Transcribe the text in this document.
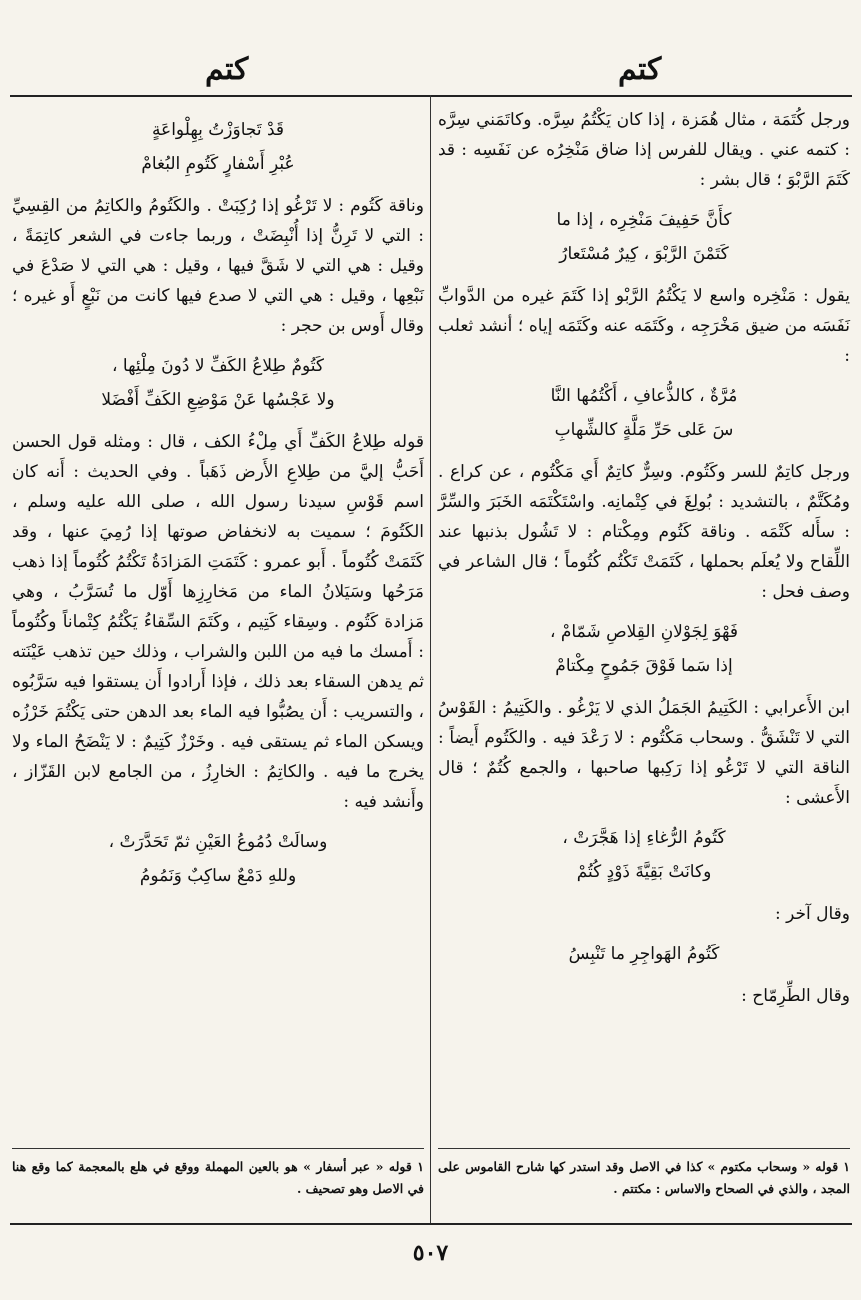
كتم
كتم

ورجل كُتَمَة ، مثال هُمَزة ، إذا كان يَكْتُمُ سِرَّه. وكاتَمَني سِرَّه : كتمه عني . ويقال للفرس إذا ضاق مَنْخِرُه عن نَفَسِه : قد كَتَمَ الرَّبْوَ ؛ قال بشر :

كأَنَّ حَفِيفَ مَنْخِرِه ، إذا ما
كَتَمْنَ الرَّبْوَ ، كِيرٌ مُسْتَعارُ

يقول : مَنْخِره واسع لا يَكْتُمُ الرَّبْو إذا كَتَمَ غيره من الدَّوابِّ نَفَسَه من ضيق مَخْرَجِه ، وكَتَمَه عنه وكَتَمَه إياه ؛ أنشد ثعلب :

مُرَّةٌ ، كالذُّعافِ ، أَكْتُمُها النَّا
سَ عَلى حَرِّ مَلَّةٍ كالشِّهابِ

ورجل كاتِمٌ للسر وكَتُوم. وسِرٌّ كاتِمٌ أَي مَكْتُوم ، عن كراع . ومُكَتَّمٌ ، بالتشديد : بُولِغَ في كِتْمانِه. واسْتَكْتَمَه الخَبَرَ والسِّرَّ : سأَله كَتْمَه . وناقة كَتُوم ومِكْتام : لا تَشُول بذنبها عند اللِّقاح ولا يُعلَم بحملها ، كَتَمَتْ تَكْتُم كُتُوماً ؛ قال الشاعر في وصف فحل :

فَهْوَ لِجَوْلانِ القِلاصِ شَمّامْ ،
إذا سَما فَوْقَ جَمُوحٍ مِكْتامْ

ابن الأَعرابي : الكَتِيمُ الجَمَلُ الذي لا يَرْغُو . والكَتِيمُ : القَوْسُ التي لا تَنْشَقُّ . وسحاب مَكْتُوم : لا رَعْدَ فيه . والكَتُوم أَيضاً : الناقة التي لا تَرْغُو إذا رَكِبها صاحبها ، والجمع كُتُمٌ ؛ قال الأَعشى :

كَتُومُ الرُّغاءِ إذا هَجَّرَتْ ،
وكانَتْ بَقِيَّةَ ذَوْدٍ كُتُمْ

وقال آخر :

كَتُومُ الهَواجِرِ ما تَنْبِسُ

وقال الطِّرِمّاح :

قَدْ تَجاوَزْتُ بِهِلْواعَةٍ
عُبْرِ أَسْفارٍ كَتُومِ البُغامْ

وناقة كَتُوم : لا تَرْغُو إذا رُكِبَتْ . والكَتُومُ والكاتِمُ من القِسِيِّ : التي لا تَرِنُّ إذا أُنْبِضَتْ ، وربما جاءت في الشعر كاتِمَةً ، وقيل : هي التي لا شَقَّ فيها ، وقيل : هي التي لا صَدْعَ في نَبْعِها ، وقيل : هي التي لا صدع فيها كانت من نَبْعٍ أَو غيره ؛ وقال أَوس بن حجر :

كَتُومٌ طِلاعُ الكَفِّ لا دُونَ مِلْئِها ،
ولا عَجْسُها عَنْ مَوْضِعِ الكَفِّ أَفْضَلا

قوله طِلاعُ الكَفِّ أَي مِلْءُ الكف ، قال : ومثله قول الحسن أَحَبُّ إليَّ من طِلاعِ الأَرض ذَهَباً . وفي الحديث : أَنه كان اسم قَوْسِ سيدنا رسول الله ، صلى الله عليه وسلم ، الكَتُومَ ؛ سميت به لانخفاض صوتها إذا رُمِيَ عنها ، وقد كَتَمَتْ كُتُوماً . أَبو عمرو : كَتَمَتِ المَزادَةُ تَكْتُمُ كُتُوماً إذا ذهب مَرَحُها وسَيَلانُ الماء من مَخارِزِها أَوّل ما تُسَرَّبُ ، وهي مَزادة كَتُوم . وسِقاء كَتِيم ، وكَتَمَ السِّقاءُ يَكْتُمُ كِتْماناً وكُتُوماً : أَمسك ما فيه من اللبن والشراب ، وذلك حين تذهب عَيْنَته ثم يدهن السقاء بعد ذلك ، فإذا أَرادوا أَن يستقوا فيه سَرَّبُوه ، والتسريب : أَن يصُبُّوا فيه الماء بعد الدهن حتى يَكْتُمَ خَرْزُه ويسكن الماء ثم يستقى فيه . وخَرْزٌ كَتِيمٌ : لا يَنْضَحُ الماء ولا يخرج ما فيه . والكاتِمُ : الخارِزُ ، من الجامع لابن القَزّاز ، وأَنشد فيه :

وسالَتْ دُمُوعُ العَيْنِ ثمّ تَحَدَّرَتْ ،
وللهِ دَمْعٌ ساكِبٌ وَنَمُومُ
١ قوله « وسحاب مكتوم » كذا في الاصل وقد استدر كها شارح القاموس على المجد ، والذي في الصحاح والاساس : مكتتم .
١ قوله « عبر أسفار » هو بالعين المهملة ووقع في هلع بالمعجمة كما وقع هنا في الاصل وهو تصحيف .
٥٠٧
